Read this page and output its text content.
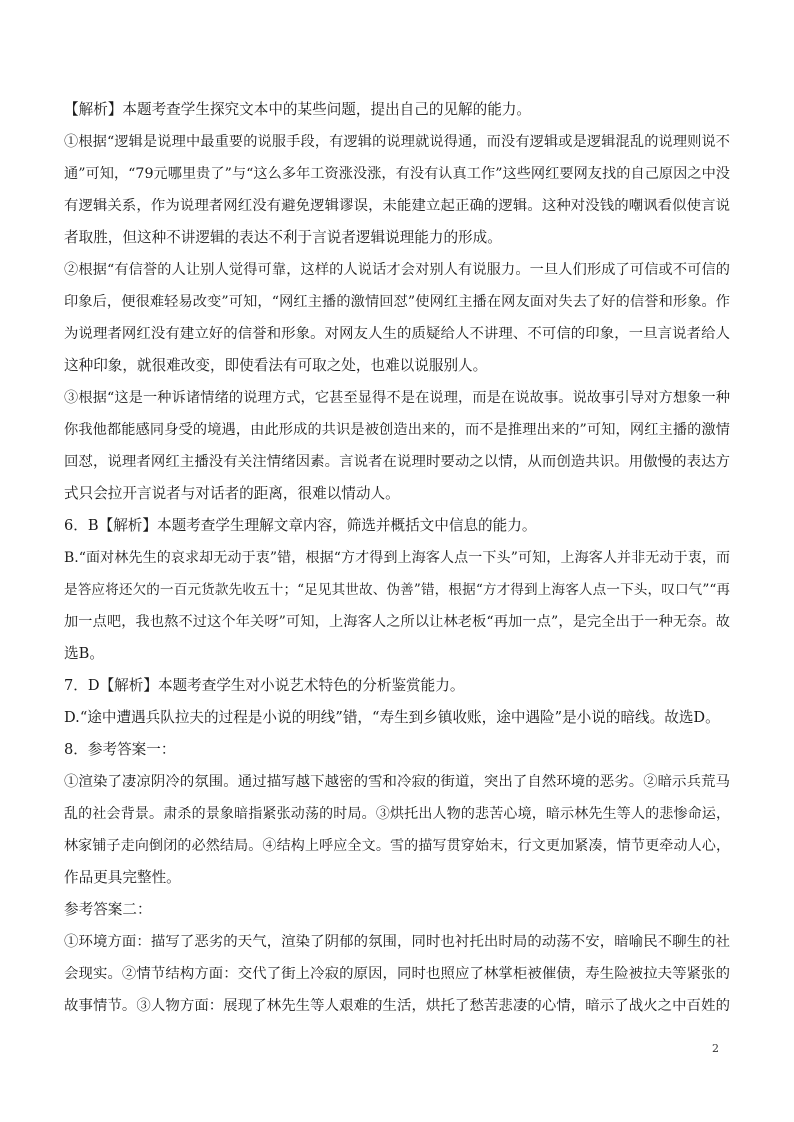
【解析】本题考查学生探究文本中的某些问题，提出自己的见解的能力。
①根据“逻辑是说理中最重要的说服手段，有逻辑的说理就说得通，而没有逻辑或是逻辑混乱的说理则说不
通”可知，“79元哪里贵了”与“这么多年工资涨没涨，有没有认真工作”这些网红要网友找的自己原因之中没
有逻辑关系，作为说理者网红没有避免逻辑谬误，未能建立起正确的逻辑。这种对没钱的嘲讽看似使言说
者取胜，但这种不讲逻辑的表达不利于言说者逻辑说理能力的形成。
②根据“有信誉的人让别人觉得可靠，这样的人说话才会对别人有说服力。一旦人们形成了可信或不可信的
印象后，便很难轻易改变”可知，“网红主播的激情回怼”使网红主播在网友面对失去了好的信誉和形象。作
为说理者网红没有建立好的信誉和形象。对网友人生的质疑给人不讲理、不可信的印象，一旦言说者给人
这种印象，就很难改变，即使看法有可取之处，也难以说服别人。
③根据“这是一种诉诸情绪的说理方式，它甚至显得不是在说理，而是在说故事。说故事引导对方想象一种
你我他都能感同身受的境遇，由此形成的共识是被创造出来的，而不是推理出来的”可知，网红主播的激情
回怼，说理者网红主播没有关注情绪因素。言说者在说理时要动之以情，从而创造共识。用傲慢的表达方
式只会拉开言说者与对话者的距离，很难以情动人。
6．B【解析】本题考查学生理解文章内容，筛选并概括文中信息的能力。
B.“面对林先生的哀求却无动于衷”错，根据“方才得到上海客人点一下头”可知，上海客人并非无动于衷，而
是答应将还欠的一百元货款先收五十；“足见其世故、伪善”错，根据“方才得到上海客人点一下头，叹口气”“再
加一点吧，我也熬不过这个年关呀”可知，上海客人之所以让林老板“再加一点”，是完全出于一种无奈。故
选B。
7．D【解析】本题考查学生对小说艺术特色的分析鉴赏能力。
D.“途中遭遇兵队拉夫的过程是小说的明线”错，“寿生到乡镇收账，途中遇险”是小说的暗线。故选D。
8．参考答案一：
①渲染了凄凉阴冷的氛围。通过描写越下越密的雪和冷寂的街道，突出了自然环境的恶劣。②暗示兵荒马
乱的社会背景。肃杀的景象暗指紧张动荡的时局。③烘托出人物的悲苦心境，暗示林先生等人的悲惨命运，
林家铺子走向倒闭的必然结局。④结构上呼应全文。雪的描写贯穿始末，行文更加紧凑，情节更牵动人心，
作品更具完整性。
参考答案二：
①环境方面：描写了恶劣的天气，渲染了阴郁的氛围，同时也衬托出时局的动荡不安，暗喻民不聊生的社
会现实。②情节结构方面：交代了街上冷寂的原因，同时也照应了林掌柜被催债，寿生险被拉夫等紧张的
故事情节。③人物方面：展现了林先生等人艰难的生活，烘托了愁苦悲凄的心情，暗示了战火之中百姓的
2
